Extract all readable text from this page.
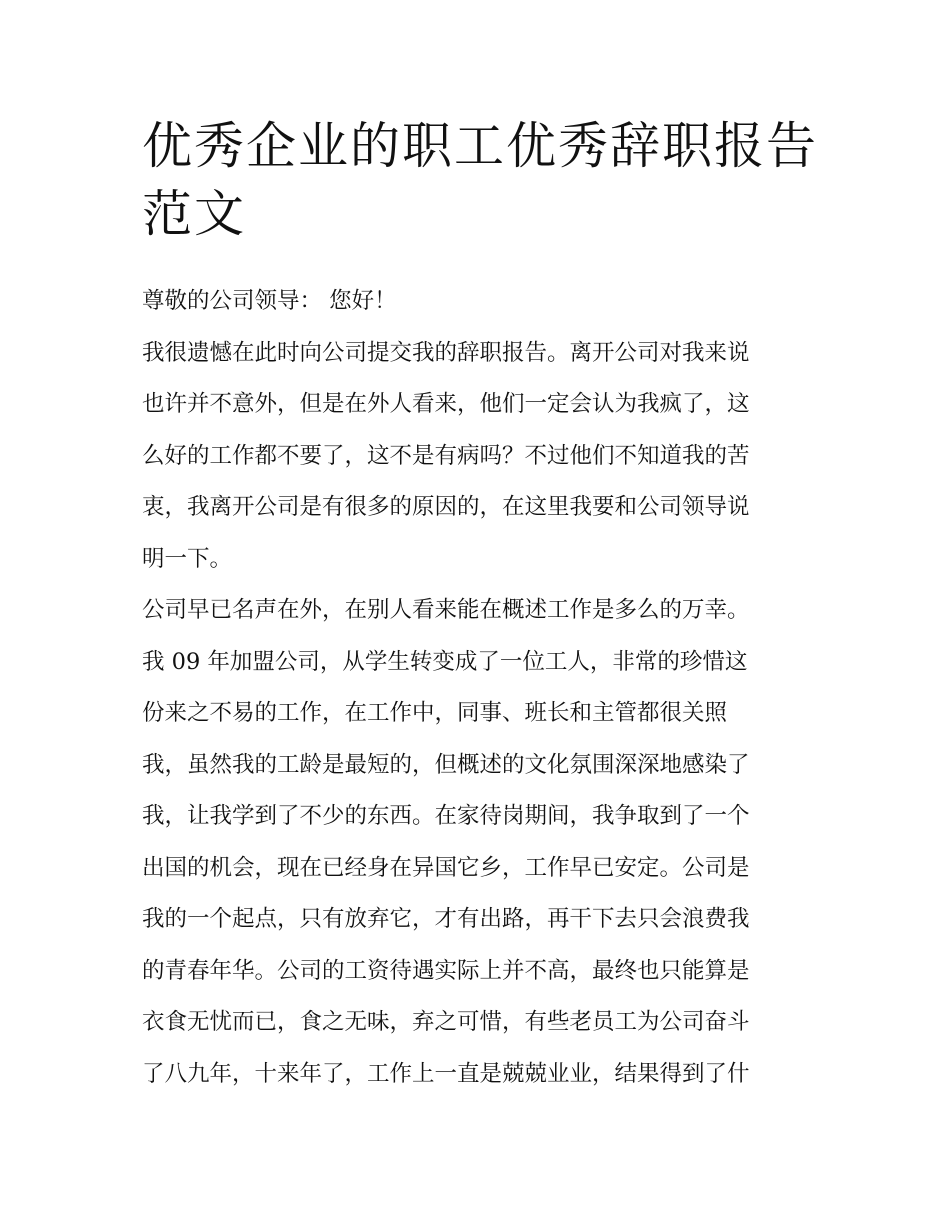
优秀企业的职工优秀辞职报告
范文
尊敬的公司领导： 您好！
我很遗憾在此时向公司提交我的辞职报告。离开公司对我来说
也许并不意外，但是在外人看来，他们一定会认为我疯了，这
么好的工作都不要了，这不是有病吗？不过他们不知道我的苦
衷，我离开公司是有很多的原因的，在这里我要和公司领导说
明一下。
公司早已名声在外，在别人看来能在概述工作是多么的万幸。
我 09 年加盟公司，从学生转变成了一位工人，非常的珍惜这
份来之不易的工作，在工作中，同事、班长和主管都很关照
我，虽然我的工龄是最短的，但概述的文化氛围深深地感染了
我，让我学到了不少的东西。在家待岗期间，我争取到了一个
出国的机会，现在已经身在异国它乡，工作早已安定。公司是
我的一个起点，只有放弃它，才有出路，再干下去只会浪费我
的青春年华。公司的工资待遇实际上并不高，最终也只能算是
衣食无忧而已，食之无味，弃之可惜，有些老员工为公司奋斗
了八九年，十来年了，工作上一直是兢兢业业，结果得到了什
